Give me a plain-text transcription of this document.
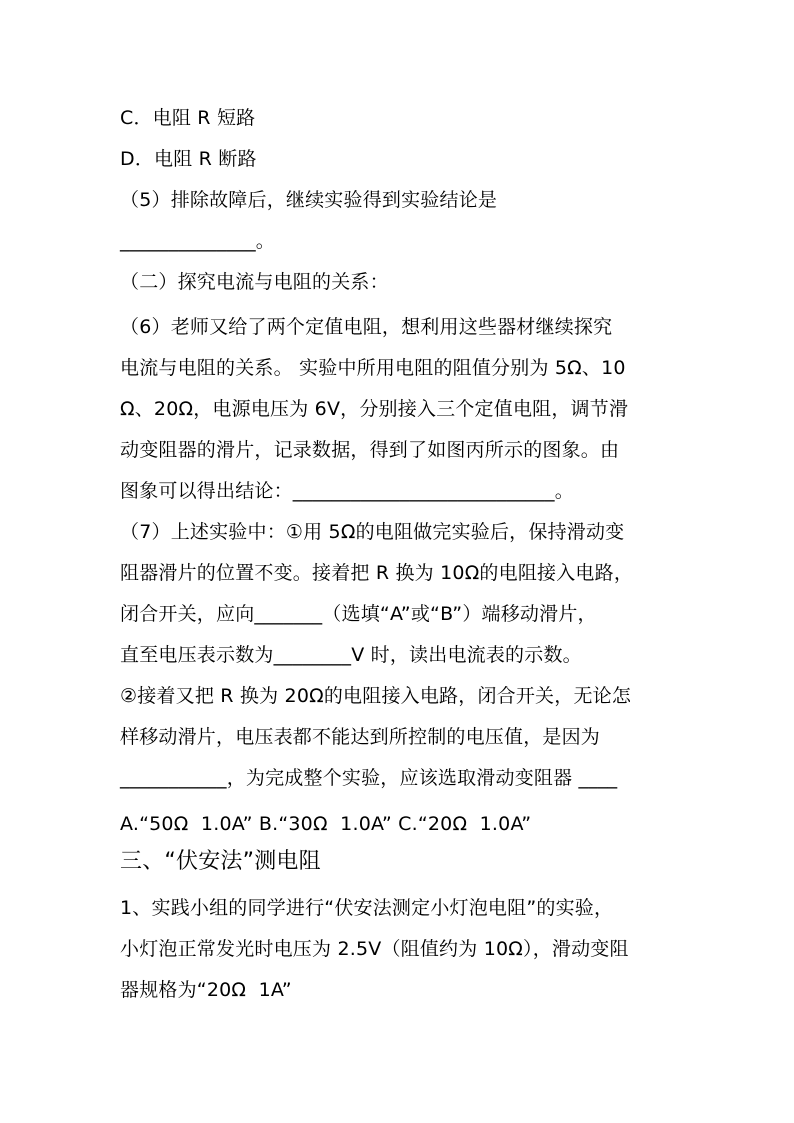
C．电阻 R 短路
D．电阻 R 断路
（5）排除故障后，继续实验得到实验结论是
______________。
（二）探究电流与电阻的关系：
（6）老师又给了两个定值电阻，想利用这些器材继续探究
电流与电阻的关系。 实验中所用电阻的阻值分别为 5Ω、10
Ω、20Ω，电源电压为 6V，分别接入三个定值电阻，调节滑
动变阻器的滑片，记录数据，得到了如图丙所示的图象。由
图象可以得出结论：___________________________。
（7）上述实验中：①用 5Ω的电阻做完实验后，保持滑动变
阻器滑片的位置不变。接着把 R 换为 10Ω的电阻接入电路，
闭合开关，应向_______（选填“A”或“B”）端移动滑片，
直至电压表示数为________V 时，读出电流表的示数。
②接着又把 R 换为 20Ω的电阻接入电路，闭合开关，无论怎
样移动滑片，电压表都不能达到所控制的电压值，是因为
___________，为完成整个实验，应该选取滑动变阻器 ____
A.“50Ω  1.0A” B.“30Ω  1.0A” C.“20Ω  1.0A”
三、“伏安法”测电阻
1、实践小组的同学进行“伏安法测定小灯泡电阻”的实验，
小灯泡正常发光时电压为 2.5V（阻值约为 10Ω），滑动变阻
器规格为“20Ω  1A”
